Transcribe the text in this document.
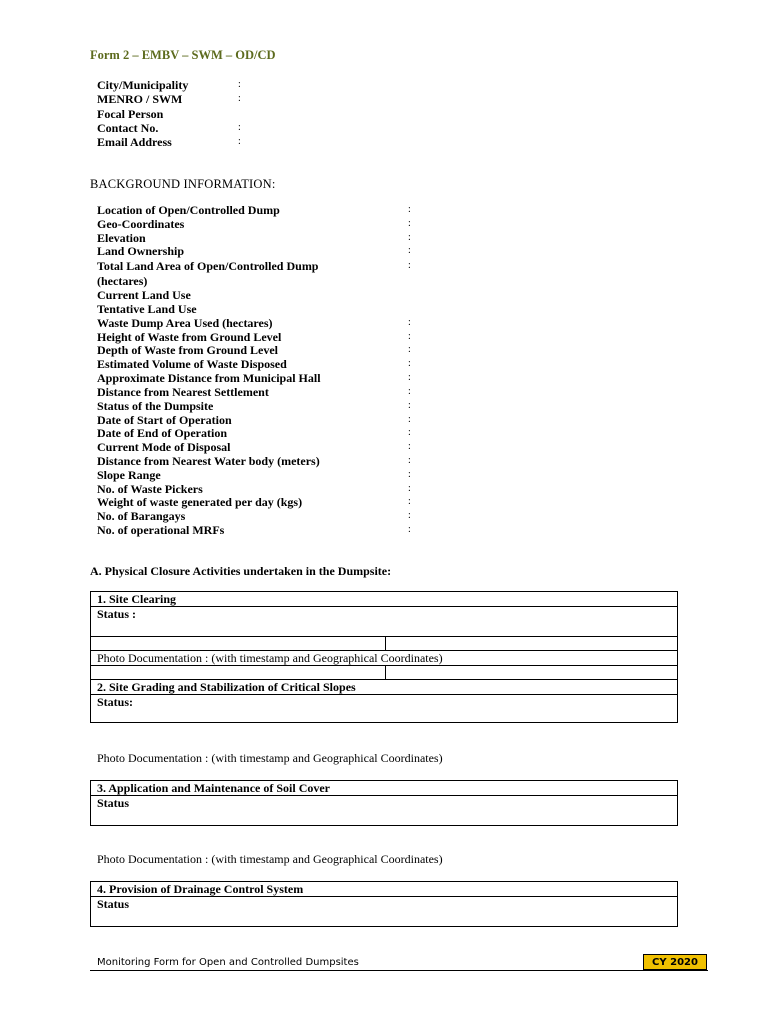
Form 2 – EMBV – SWM – OD/CD
City/Municipality	:
MENRO / SWM	:
Focal Person
Contact No.	:
Email Address	:
BACKGROUND INFORMATION:
Location of Open/Controlled Dump	:
Geo-Coordinates	:
Elevation	:
Land Ownership	:
Total Land Area of Open/Controlled Dump	:
(hectares)
Current Land Use
Tentative Land Use
Waste Dump Area Used (hectares)	:
Height of Waste from Ground Level	:
Depth of Waste from Ground Level	:
Estimated Volume of Waste Disposed	:
Approximate Distance from Municipal Hall	:
Distance from Nearest Settlement	:
Status of the Dumpsite	:
Date of Start of Operation	:
Date of End of Operation	:
Current Mode of Disposal	:
Distance from Nearest Water body (meters)	:
Slope Range	:
No. of Waste Pickers	:
Weight of waste generated per day (kgs)	:
No. of Barangays	:
No. of operational MRFs	:
A. Physical Closure Activities undertaken in the Dumpsite:
1. Site Clearing	
Status :	

Photo Documentation : (with timestamp and Geographical Coordinates)	

2. Site Grading and Stabilization of Critical Slopes	
Status:	
Photo Documentation : (with timestamp and Geographical Coordinates)
3. Application and Maintenance of Soil Cover
Status
Photo Documentation : (with timestamp and Geographical Coordinates)
4. Provision of Drainage Control System
Status
Monitoring Form for Open and Controlled Dumpsites	CY 2020
